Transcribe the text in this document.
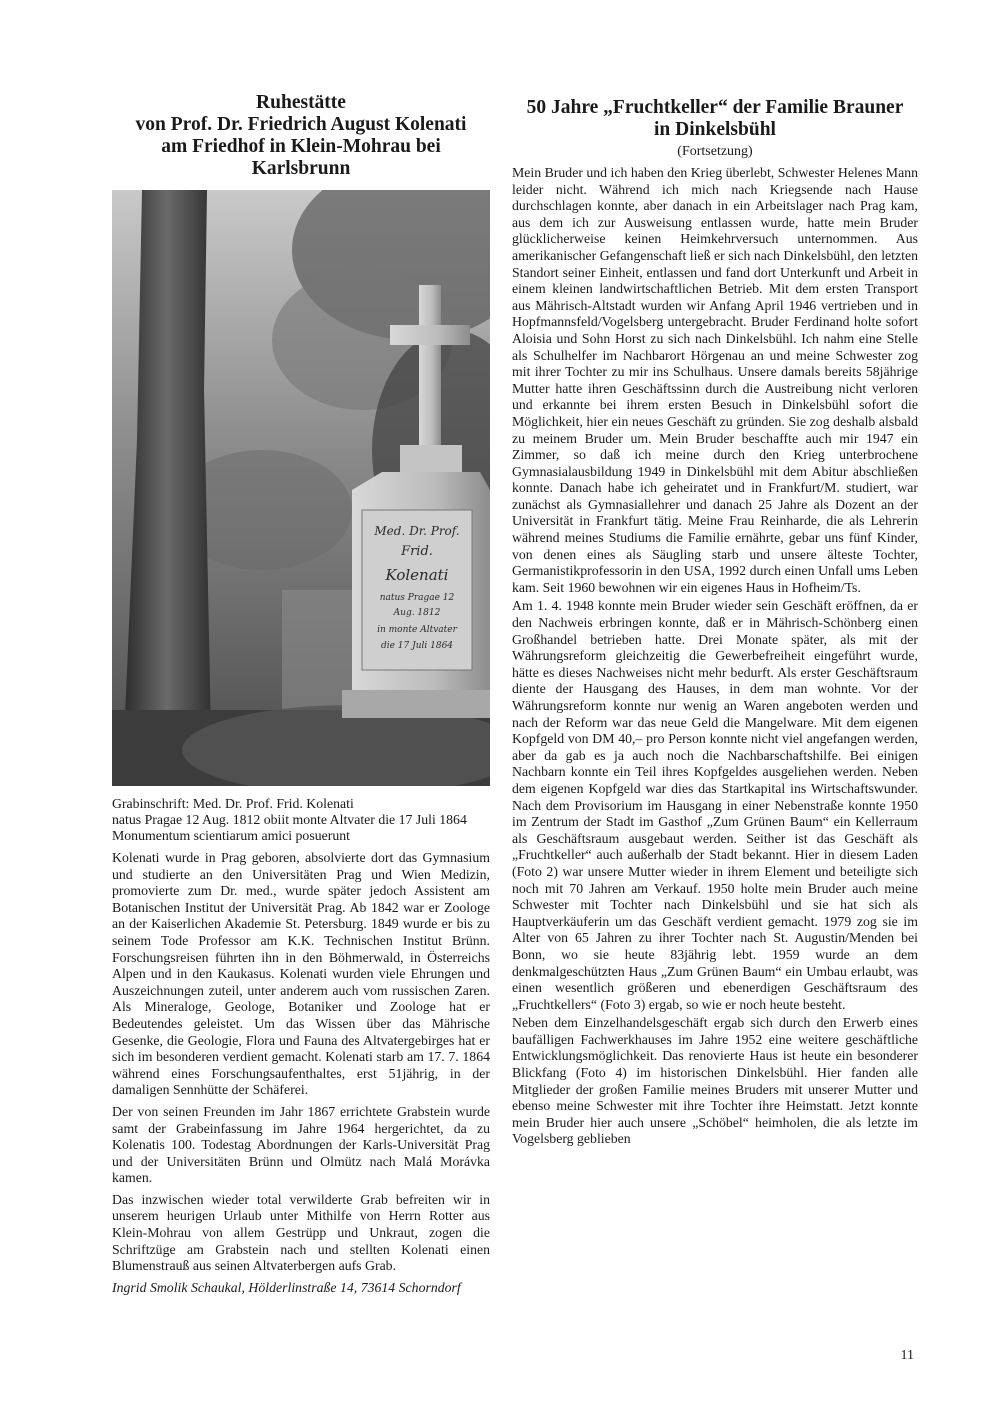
Ruhestätte
von Prof. Dr. Friedrich August Kolenati
am Friedhof in Klein-Mohrau bei Karlsbrunn
Med. Dr. Prof.
Frid.
Kolenati
natus Pragae 12
Aug. 1812
in monte Altvater
die 17 Juli 1864

Grabinschrift: Med. Dr. Prof. Frid. Kolenati

natus Pragae 12 Aug. 1812 obiit monte Altvater die 17 Juli 1864

Monumentum scientiarum amici posuerunt

Kolenati wurde in Prag geboren, absolvierte dort das Gymnasium und studierte an den Universitäten Prag und Wien Medizin, promovierte zum Dr. med., wurde später jedoch Assistent am Botanischen Institut der Universität Prag. Ab 1842 war er Zoologe an der Kaiserlichen Akademie St. Petersburg. 1849 wurde er bis zu seinem Tode Professor am K.K. Technischen Institut Brünn. Forschungsreisen führten ihn in den Böhmerwald, in Österreichs Alpen und in den Kaukasus. Kolenati wurden viele Ehrungen und Auszeichnungen zuteil, unter anderem auch vom russischen Zaren. Als Mineraloge, Geologe, Botaniker und Zoologe hat er Bedeutendes geleistet. Um das Wissen über das Mährische Gesenke, die Geologie, Flora und Fauna des Altvatergebirges hat er sich im besonderen verdient gemacht. Kolenati starb am 17. 7. 1864 während eines Forschungsaufenthaltes, erst 51jährig, in der damaligen Sennhütte der Schäferei.

Der von seinen Freunden im Jahr 1867 errichtete Grabstein wurde samt der Grabeinfassung im Jahre 1964 hergerichtet, da zu Kolenatis 100. Todestag Abordnungen der Karls-Universität Prag und der Universitäten Brünn und Olmütz nach Malá Morávka kamen.

Das inzwischen wieder total verwilderte Grab befreiten wir in unserem heurigen Urlaub unter Mithilfe von Herrn Rotter aus Klein-Mohrau von allem Gestrüpp und Unkraut, zogen die Schriftzüge am Grabstein nach und stellten Kolenati einen Blumenstrauß aus seinen Altvaterbergen aufs Grab.

Ingrid Smolik Schaukal, Hölderlinstraße 14, 73614 Schorndorf

50 Jahre „Fruchtkeller“ der Familie Brauner
in Dinkelsbühl
(Fortsetzung)

Mein Bruder und ich haben den Krieg überlebt, Schwester Helenes Mann leider nicht. Während ich mich nach Kriegsende nach Hause durchschlagen konnte, aber danach in ein Arbeitslager nach Prag kam, aus dem ich zur Ausweisung entlassen wurde, hatte mein Bruder glücklicherweise keinen Heimkehrversuch unternommen. Aus amerikanischer Gefangenschaft ließ er sich nach Dinkelsbühl, den letzten Standort seiner Einheit, entlassen und fand dort Unterkunft und Arbeit in einem kleinen landwirtschaftlichen Betrieb. Mit dem ersten Transport aus Mährisch-Altstadt wurden wir Anfang April 1946 vertrieben und in Hopfmannsfeld/Vogelsberg untergebracht. Bruder Ferdinand holte sofort Aloisia und Sohn Horst zu sich nach Dinkelsbühl. Ich nahm eine Stelle als Schulhelfer im Nachbarort Hörgenau an und meine Schwester zog mit ihrer Tochter zu mir ins Schulhaus. Unsere damals bereits 58jährige Mutter hatte ihren Geschäftssinn durch die Austreibung nicht verloren und erkannte bei ihrem ersten Besuch in Dinkelsbühl sofort die Möglichkeit, hier ein neues Geschäft zu gründen. Sie zog deshalb alsbald zu meinem Bruder um. Mein Bruder beschaffte auch mir 1947 ein Zimmer, so daß ich meine durch den Krieg unterbrochene Gymnasialausbildung 1949 in Dinkelsbühl mit dem Abitur abschließen konnte. Danach habe ich geheiratet und in Frankfurt/M. studiert, war zunächst als Gymnasiallehrer und danach 25 Jahre als Dozent an der Universität in Frankfurt tätig. Meine Frau Reinharde, die als Lehrerin während meines Studiums die Familie ernährte, gebar uns fünf Kinder, von denen eines als Säugling starb und unsere älteste Tochter, Germanistikprofessorin in den USA, 1992 durch einen Unfall ums Leben kam. Seit 1960 bewohnen wir ein eigenes Haus in Hofheim/Ts.

Am 1. 4. 1948 konnte mein Bruder wieder sein Geschäft eröffnen, da er den Nachweis erbringen konnte, daß er in Mährisch-Schönberg einen Großhandel betrieben hatte. Drei Monate später, als mit der Währungsreform gleichzeitig die Gewerbefreiheit eingeführt wurde, hätte es dieses Nachweises nicht mehr bedurft. Als erster Geschäftsraum diente der Hausgang des Hauses, in dem man wohnte. Vor der Währungsreform konnte nur wenig an Waren angeboten werden und nach der Reform war das neue Geld die Mangelware. Mit dem eigenen Kopfgeld von DM 40,– pro Person konnte nicht viel angefangen werden, aber da gab es ja auch noch die Nachbarschaftshilfe. Bei einigen Nachbarn konnte ein Teil ihres Kopfgeldes ausgeliehen werden. Neben dem eigenen Kopfgeld war dies das Startkapital ins Wirtschaftswunder. Nach dem Provisorium im Hausgang in einer Nebenstraße konnte 1950 im Zentrum der Stadt im Gasthof „Zum Grünen Baum“ ein Kellerraum als Geschäftsraum ausgebaut werden. Seither ist das Geschäft als „Fruchtkeller“ auch außerhalb der Stadt bekannt. Hier in diesem Laden (Foto 2) war unsere Mutter wieder in ihrem Element und beteiligte sich noch mit 70 Jahren am Verkauf. 1950 holte mein Bruder auch meine Schwester mit Tochter nach Dinkelsbühl und sie hat sich als Hauptverkäuferin um das Geschäft verdient gemacht. 1979 zog sie im Alter von 65 Jahren zu ihrer Tochter nach St. Augustin/Menden bei Bonn, wo sie heute 83jährig lebt. 1959 wurde an dem denkmalgeschützten Haus „Zum Grünen Baum“ ein Umbau erlaubt, was einen wesentlich größeren und ebenerdigen Geschäftsraum des „Fruchtkellers“ (Foto 3) ergab, so wie er noch heute besteht.

Neben dem Einzelhandelsgeschäft ergab sich durch den Erwerb eines baufälligen Fachwerkhauses im Jahre 1952 eine weitere geschäftliche Entwicklungsmöglichkeit. Das renovierte Haus ist heute ein besonderer Blickfang (Foto 4) im historischen Dinkelsbühl. Hier fanden alle Mitglieder der großen Familie meines Bruders mit unserer Mutter und ebenso meine Schwester mit ihre Tochter ihre Heimstatt. Jetzt konnte mein Bruder hier auch unsere „Schöbel“ heimholen, die als letzte im Vogelsberg geblieben

11
